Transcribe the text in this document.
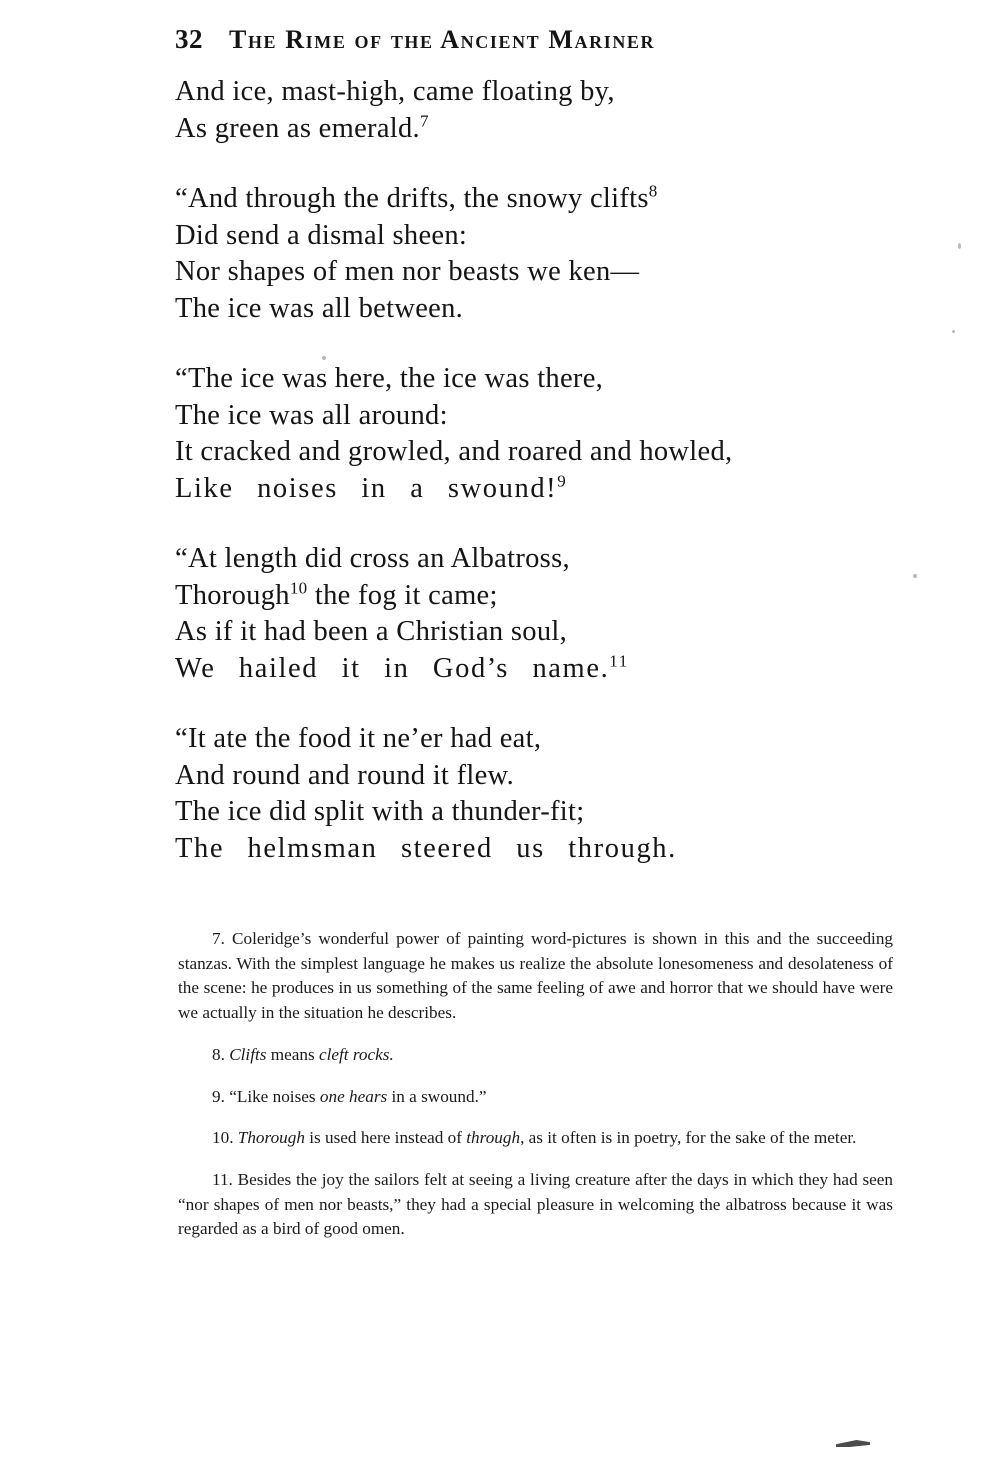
32 The Rime of the Ancient Mariner
And ice, mast-high, came floating by,
As green as emerald.$^7$
“And through the drifts, the snowy clifts$^8$
Did send a dismal sheen:
Nor shapes of men nor beasts we ken—
The ice was all between.
“The ice was here, the ice was there,
The ice was all around:
It cracked and growled, and roared and howled,
Like  noises  in  a  swound!$^9$
“At length did cross an Albatross,
Thorough$^{10}$ the fog it came;
As if it had been a Christian soul,
We  hailed  it  in  God’s  name.$^{11}$
“It ate the food it ne’er had eat,
And round and round it flew.
The ice did split with a thunder-fit;
The  helmsman  steered  us  through.

7. Coleridge’s wonderful power of painting word-pictures is shown in this and the succeeding stanzas. With the simplest language he makes us realize the absolute lonesomeness and desolateness of the scene: he produces in us something of the same feeling of awe and horror that we should have were we actually in the situation he describes.

8. Clifts means cleft rocks.

9. “Like noises one hears in a swound.”

10. Thorough is used here instead of through, as it often is in poetry, for the sake of the meter.

11. Besides the joy the sailors felt at seeing a living creature after the days in which they had seen “nor shapes of men nor beasts,” they had a special pleasure in welcoming the albatross because it was regarded as a bird of good omen.
